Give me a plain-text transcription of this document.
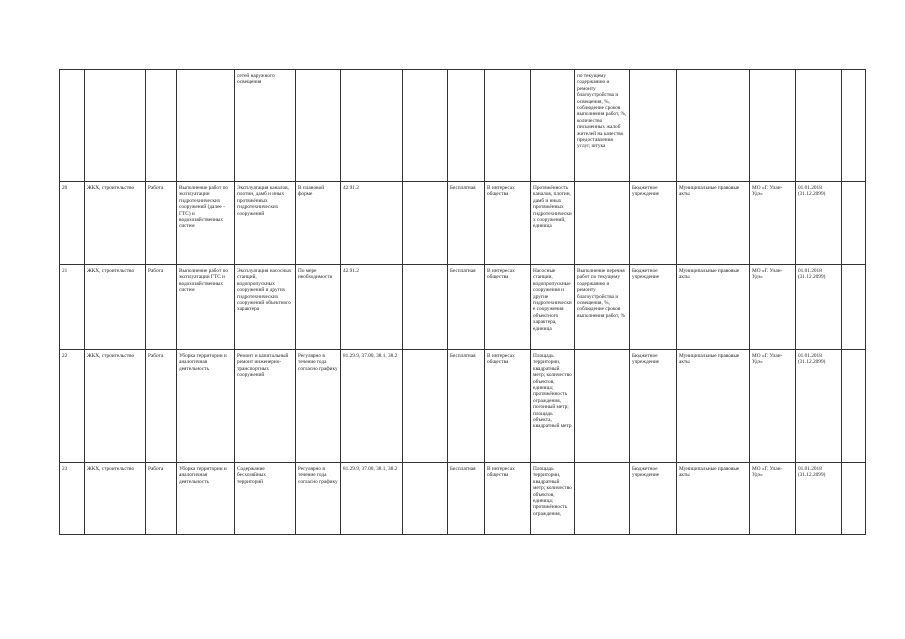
				сетей наружного освещения							по текущему содержанию и ремонту благоустройства и освещения, %, соблюдение сроков выполнения работ, %, количество письменных жалоб жителей на качество предоставления услуг, штука					
20	ЖКХ, строительство	Работа	Выполнение работ по эксплуатации гидротехнических сооружений (далее - ГТС) и водохозяйственных систем	Эксплуатация каналов, плотин, дамб и иных протяжённых гидротехнических сооружений	В плановой форме	42.91.2		Бесплатная	В интересах общества	Протяжённость каналов, плотин, дамб и иных протяжённых гидротехнических сооружений, единица		Бюджетное учреждение	Муниципальные правовые акты	МО «Г. Улан-Удэ»	01.01.2018 (31.12.2099)	
21	ЖКХ, строительство	Работа	Выполнение работ по эксплуатации ГТС и водохозяйственных систем	Эксплуатация насосных станций, водопропускных сооружений и других гидротехнических сооружений объектного характера	По мере необходимости	42.91.2		Бесплатная	В интересах общества	Насосные станции, водопропускные сооружения и другие гидротехнические сооружения объектного характера, единица	Выполнение перечня работ по текущему содержанию и ремонту благоустройства и освещения, %, соблюдение сроков выполнения работ, %	Бюджетное учреждение	Муниципальные правовые акты	МО «Г. Улан-Удэ»	01.01.2018 (31.12.2099)	
22	ЖКХ, строительство	Работа	Уборка территории и аналогичная деятельность	Ремонт и капитальный ремонт инженерно-транспортных сооружений	Регулярно в течение года согласно графику	81.29.9, 37.00, 38.1, 38.2		Бесплатная	В интересах общества	Площадь территории, квадратный метр; количество объектов, единица; протяжённость ограждения, погонный метр; площадь объекта, квадратный метр		Бюджетное учреждение	Муниципальные правовые акты	МО «Г. Улан-Удэ»	01.01.2018 (31.12.2099)	
23	ЖКХ, строительство	Работа	Уборка территории и аналогичная деятельность	Содержание бесхозяйных территорий	Регулярно в течение года согласно графику	81.29.9, 37.00, 38.1, 38.2		Бесплатная	В интересах общества	Площадь территории, квадратный метр; количество объектов, единица; протяжённость ограждения,		Бюджетное учреждение	Муниципальные правовые акты	МО «Г. Улан-Удэ»	01.01.2018 (31.12.2099)	
